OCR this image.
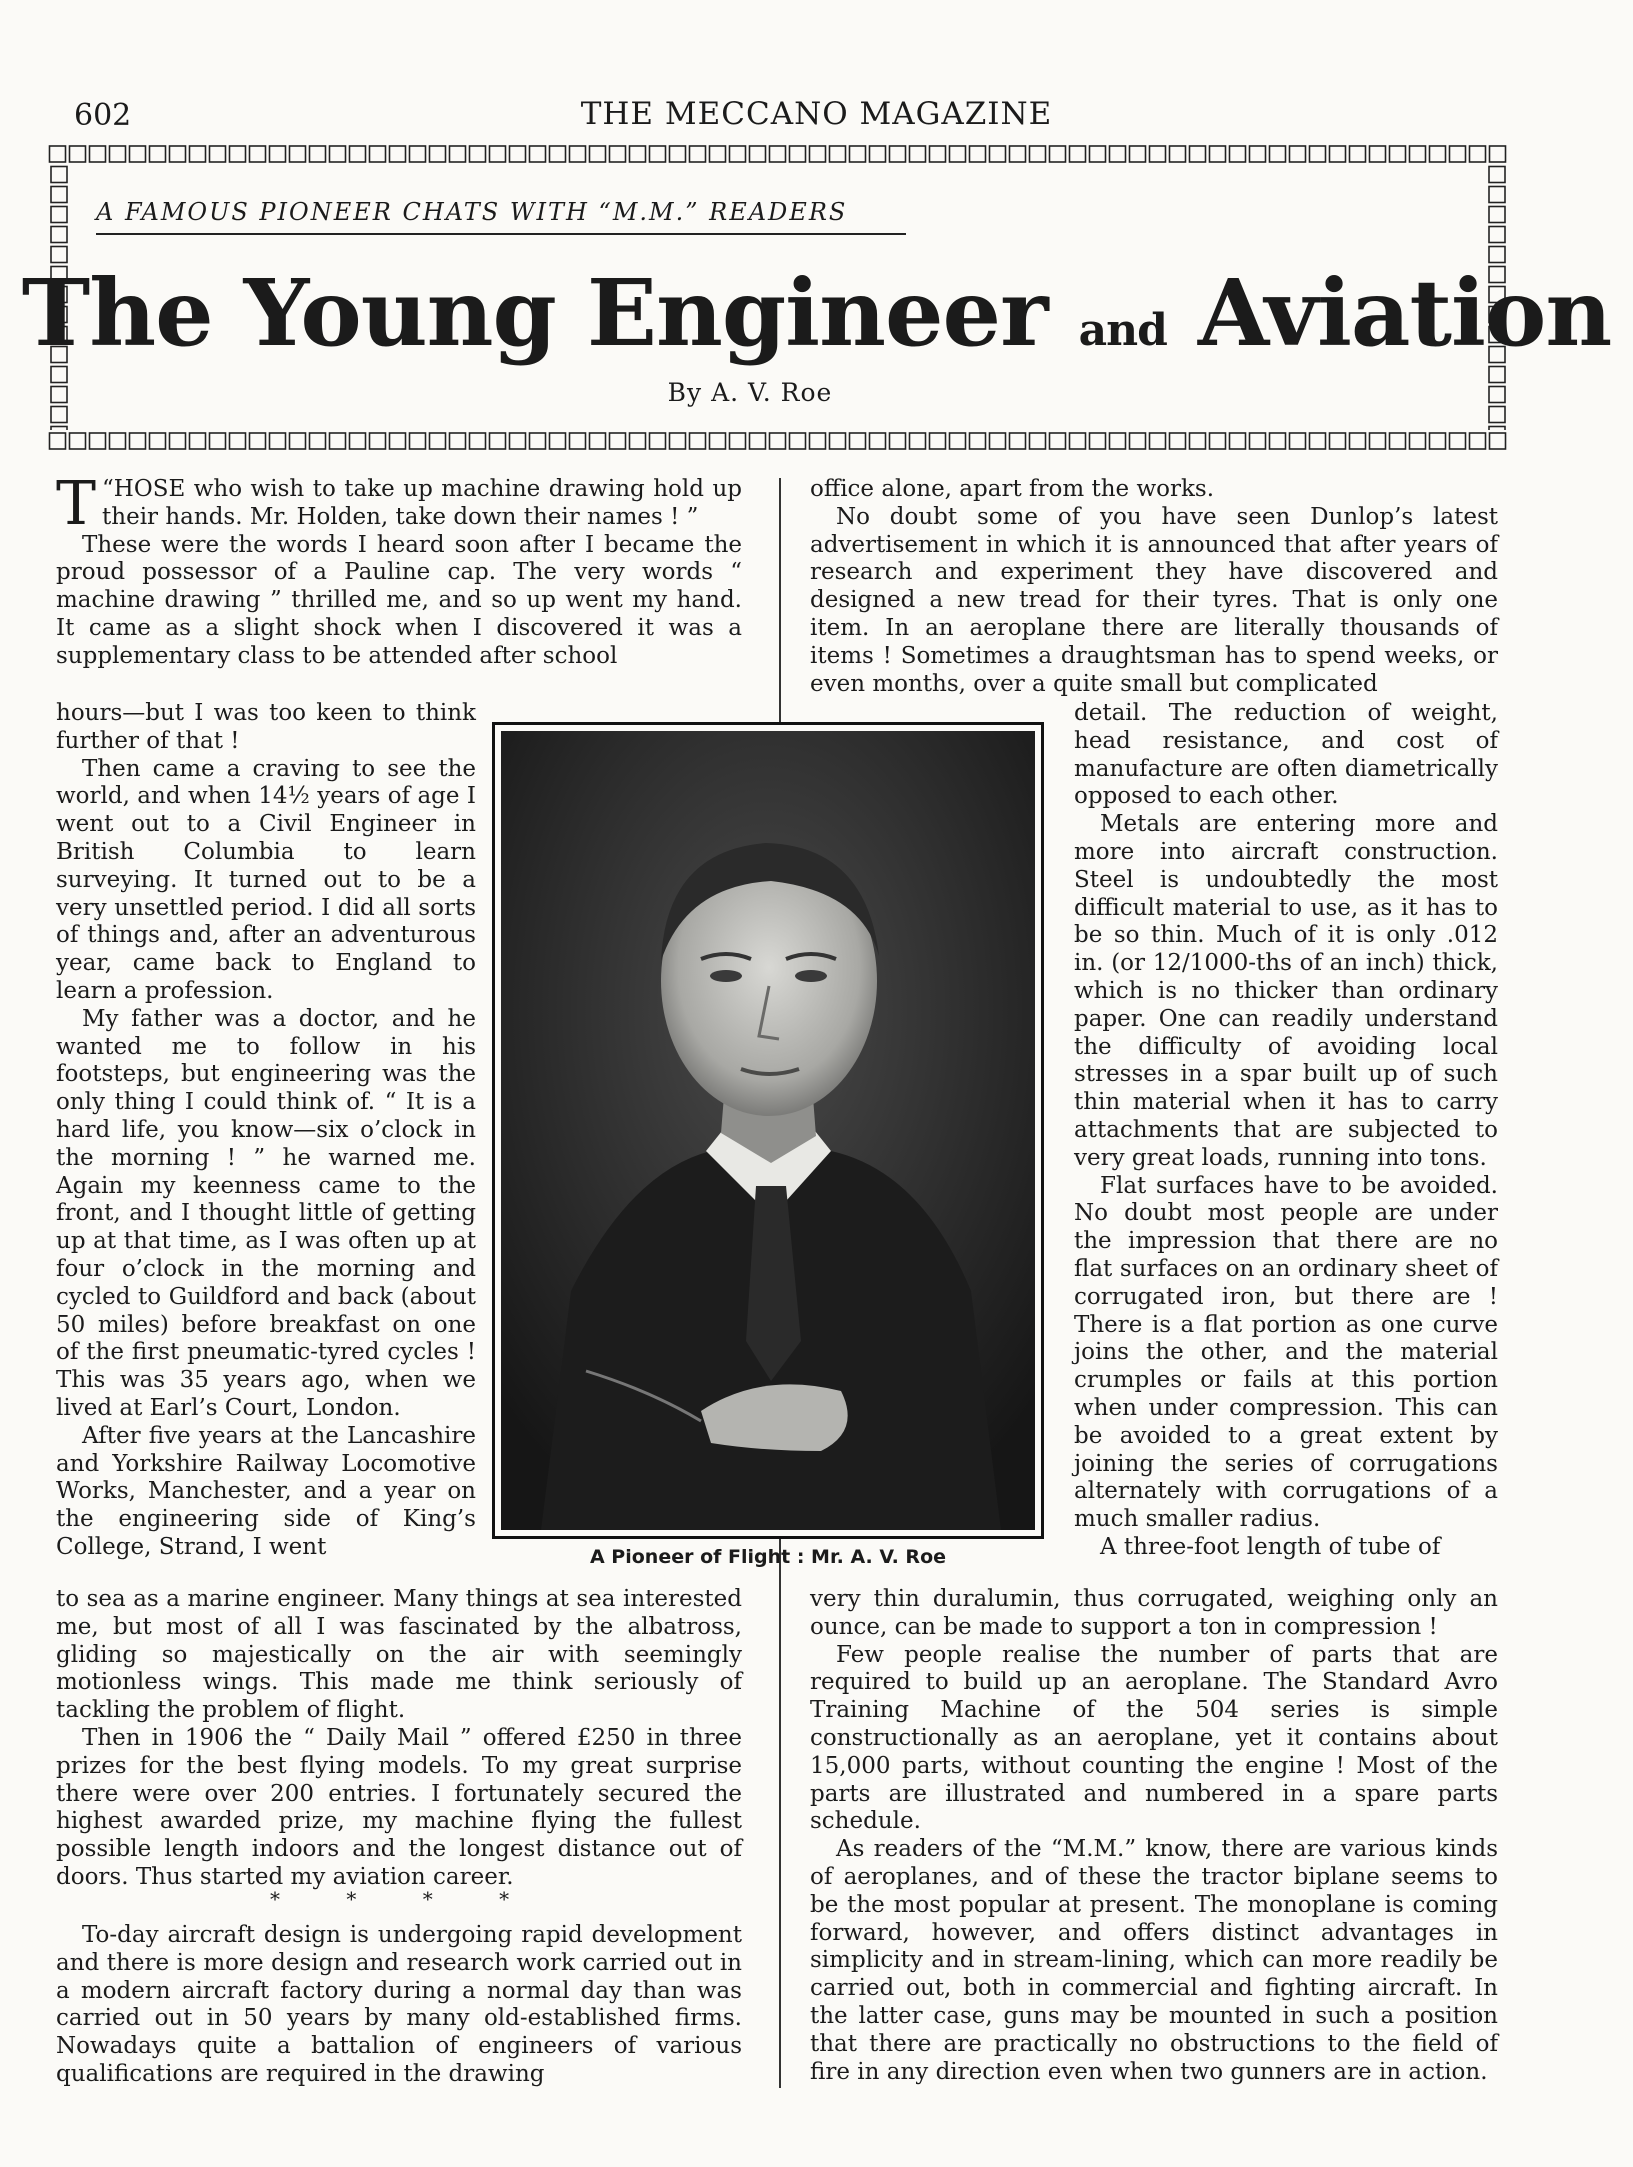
602	THE MECCANO MAGAZINE
A FAMOUS PIONEER CHATS WITH “M.M.” READERS
The Young Engineer and Aviation
By A. V. Roe

“
T HOSE who wish to take up machine drawing hold up their hands. Mr. Holden, take down their names ! ”

These were the words I heard soon after I became the proud possessor of a Pauline cap. The very words “ machine drawing ” thrilled me, and so up went my hand. It came as a slight shock when I discovered it was a supplementary class to be attended after school

hours—but I was too keen to think further of that !

Then came a craving to see the world, and when 14½ years of age I went out to a Civil Engineer in British Columbia to learn surveying. It turned out to be a very unsettled period. I did all sorts of things and, after an adventurous year, came back to England to learn a profession.

My father was a doctor, and he wanted me to follow in his footsteps, but engineering was the only thing I could think of. “ It is a hard life, you know—six o’clock in the morning ! ” he warned me. Again my keenness came to the front, and I thought little of getting up at that time, as I was often up at four o’clock in the morning and cycled to Guildford and back (about 50 miles) before breakfast on one of the first pneumatic-tyred cycles ! This was 35 years ago, when we lived at Earl’s Court, London.

After five years at the Lancashire and Yorkshire Railway Locomotive Works, Manchester, and a year on the engineering side of King’s College, Strand, I went

to sea as a marine engineer. Many things at sea interested me, but most of all I was fascinated by the albatross, gliding so majestically on the air with seemingly motionless wings. This made me think seriously of tackling the problem of flight.

Then in 1906 the “ Daily Mail ” offered £250 in three prizes for the best flying models. To my great surprise there were over 200 entries. I fortunately secured the highest awarded prize, my machine flying the fullest possible length indoors and the longest distance out of doors. Thus started my aviation career.

* * * *

To-day aircraft design is undergoing rapid development and there is more design and research work carried out in a modern aircraft factory during a normal day than was carried out in 50 years by many old-established firms. Nowadays quite a battalion of engineers of various qualifications are required in the drawing

office alone, apart from the works.

No doubt some of you have seen Dunlop’s latest advertisement in which it is announced that after years of research and experiment they have discovered and designed a new tread for their tyres. That is only one item. In an aeroplane there are literally thousands of items ! Sometimes a draughtsman has to spend weeks, or even months, over a quite small but complicated

detail. The reduction of weight, head resistance, and cost of manufacture are often diametrically opposed to each other.

Metals are entering more and more into aircraft construction. Steel is undoubtedly the most difficult material to use, as it has to be so thin. Much of it is only .012 in. (or 12/1000-ths of an inch) thick, which is no thicker than ordinary paper. One can readily understand the difficulty of avoiding local stresses in a spar built up of such thin material when it has to carry attachments that are subjected to very great loads, running into tons.

Flat surfaces have to be avoided. No doubt most people are under the impression that there are no flat surfaces on an ordinary sheet of corrugated iron, but there are ! There is a flat portion as one curve joins the other, and the material crumples or fails at this portion when under compression. This can be avoided to a great extent by joining the series of corrugations alternately with corrugations of a much smaller radius.

A three-foot length of tube of

very thin duralumin, thus corrugated, weighing only an ounce, can be made to support a ton in compression !

Few people realise the number of parts that are required to build up an aeroplane. The Standard Avro Training Machine of the 504 series is simple constructionally as an aeroplane, yet it contains about 15,000 parts, without counting the engine ! Most of the parts are illustrated and numbered in a spare parts schedule.

As readers of the “M.M.” know, there are various kinds of aeroplanes, and of these the tractor biplane seems to be the most popular at present. The monoplane is coming forward, however, and offers distinct advantages in simplicity and in stream-lining, which can more readily be carried out, both in commercial and fighting aircraft. In the latter case, guns may be mounted in such a position that there are practically no obstructions to the field of fire in any direction even when two gunners are in action.

A Pioneer of Flight : Mr. A. V. Roe
